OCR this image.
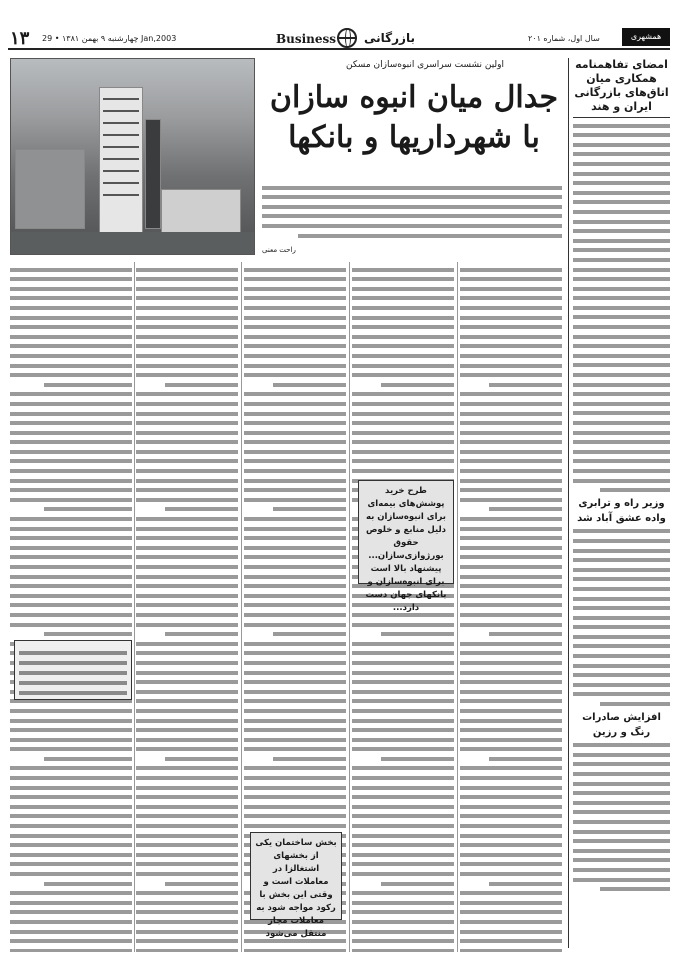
۱۳ چهارشنبه ۹ بهمن ۱۳۸۱ • 29 Jan,2003	Business بازرگانی	سال اول، شماره ۲۰۱	همشهری
اولین نشست سراسری انبوه‌سازان مسکن
جدال میان انبوه سازان
با شهرداریها و بانکها
راحت معنی
امضای تفاهمنامه همکاری میان اتاق‌های بازرگانی ایران و هند
وزیر راه و ترابری
واده عشق آباد شد
افزایش صادرات
رنگ و رزین
طرح خرید پوشش‌های بیمه‌ای برای انبوه‌سازان به دلیل منابع و خلوص حقوق بورژوازی‌سازان... پیشنهاد بالا است برای انبوه‌سازان و بانکهای جهان دست دارد...
بخش ساختمان یکی از بخشهای اشتغالزا در معاملات است و وقتی این بخش با رکود مواجه شود به معاملات مجاز منتقل می‌شود
